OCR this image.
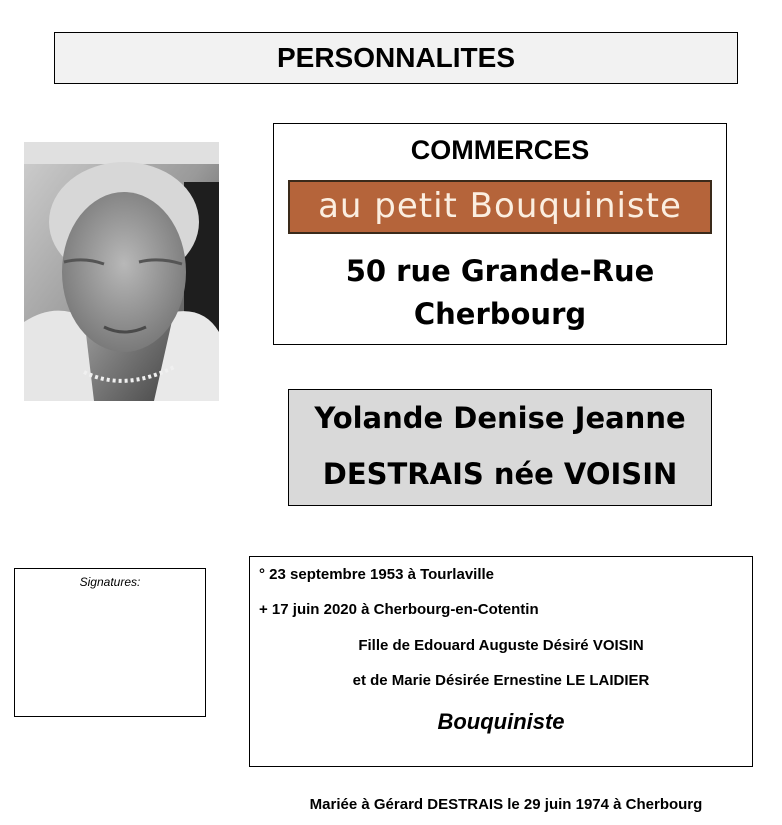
PERSONNALITES
COMMERCES
au petit Bouquiniste
50 rue Grande-Rue
Cherbourg
Yolande Denise Jeanne
DESTRAIS née VOISIN
Signatures:	° 23 septembre 1953 à Tourlaville
+ 17 juin 2020 à Cherbourg-en-Cotentin
Fille de Edouard Auguste Désiré VOISIN
et de Marie Désirée Ernestine LE LAIDIER
Bouquiniste
Mariée à Gérard DESTRAIS le 29 juin 1974 à Cherbourg
